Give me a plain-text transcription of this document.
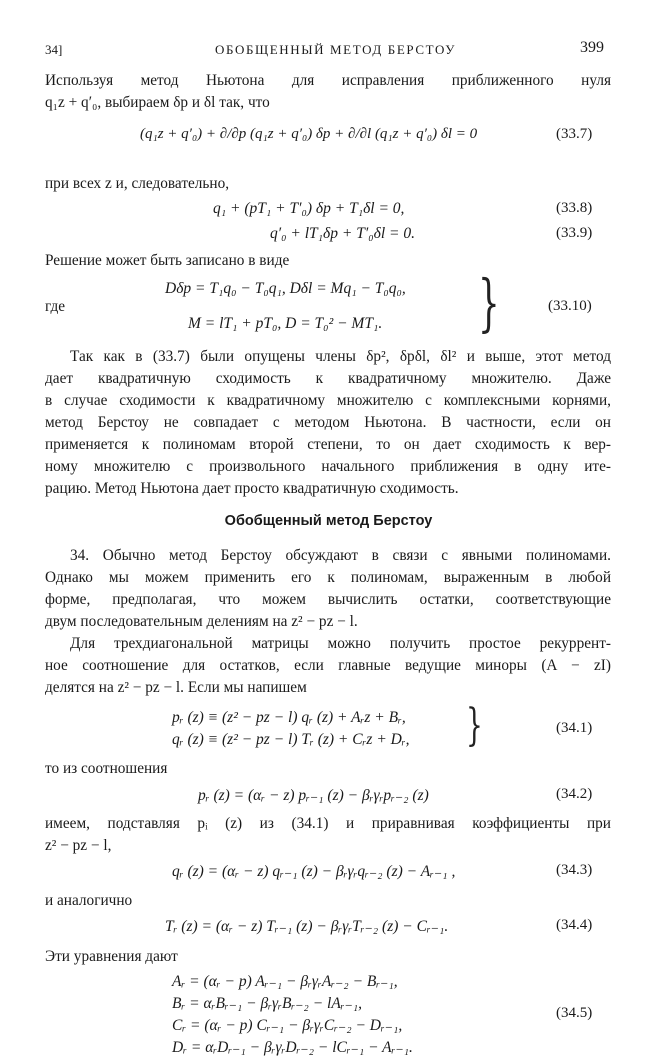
34]	ОБОБЩЕННЫЙ МЕТОД БЕРСТОУ	399
Используя метод Ньютона для исправления приближенного нуля
q₁z + q′₀, выбираем δp и δl так, что
(q₁z + q′₀) + ∂/∂p (q₁z + q′₀) δp + ∂/∂l (q₁z + q′₀) δl = 0	(33.7)
при всех z и, следовательно,
q₁ + (pT₁ + T′₀) δp + T₁δl = 0,	(33.8)
q′₀ + lT₁δp + T′₀δl = 0.	(33.9)
Решение может быть записано в виде
Dδp = T₁q₀ − T₀q₁, Dδl = Mq₁ − T₀q₀,
где
M = lT₁ + pT₀, D = T₀² − MT₁. }	(33.10)
Так как в (33.7) были опущены члены δp², δpδl, δl² и выше, этот метод
дает квадратичную сходимость к квадратичному множителю. Даже
в случае сходимости к квадратичному множителю с комплексными корнями,
метод Берстоу не совпадает с методом Ньютона. В частности, если он
применяется к полиномам второй степени, то он дает сходимость к вер-
ному множителю с произвольного начального приближения в одну ите-
рацию. Метод Ньютона дает просто квадратичную сходимость.
Обобщенный метод Берстоу
34. Обычно метод Берстоу обсуждают в связи с явными полиномами.
Однако мы можем применить его к полиномам, выраженным в любой
форме, предполагая, что можем вычислить остатки, соответствующие
двум последовательным делениям на z² − pz − l.
Для трехдиагональной матрицы можно получить простое рекуррент-
ное соотношение для остатков, если главные ведущие миноры (A − zI)
делятся на z² − pz − l. Если мы напишем
pᵣ (z) ≡ (z² − pz − l) qᵣ (z) + Aᵣz + Bᵣ,
qᵣ (z) ≡ (z² − pz − l) Tᵣ (z) + Cᵣz + Dᵣ, }	(34.1)
то из соотношения
pᵣ (z) = (αᵣ − z) pᵣ₋₁ (z) − βᵣγᵣpᵣ₋₂ (z)	(34.2)
имеем, подставляя pᵢ (z) из (34.1) и приравнивая коэффициенты при
z² − pz − l,
qᵣ (z) = (αᵣ − z) qᵣ₋₁ (z) − βᵣγᵣqᵣ₋₂ (z) − Aᵣ₋₁ ,	(34.3)
и аналогично
Tᵣ (z) = (αᵣ − z) Tᵣ₋₁ (z) − βᵣγᵣTᵣ₋₂ (z) − Cᵣ₋₁.	(34.4)
Эти уравнения дают
Aᵣ = (αᵣ − p) Aᵣ₋₁ − βᵣγᵣAᵣ₋₂ − Bᵣ₋₁,
Bᵣ = αᵣBᵣ₋₁ − βᵣγᵣBᵣ₋₂ − lAᵣ₋₁,
Cᵣ = (αᵣ − p) Cᵣ₋₁ − βᵣγᵣCᵣ₋₂ − Dᵣ₋₁,
Dᵣ = αᵣDᵣ₋₁ − βᵣγᵣDᵣ₋₂ − lCᵣ₋₁ − Aᵣ₋₁.
(34.5)
